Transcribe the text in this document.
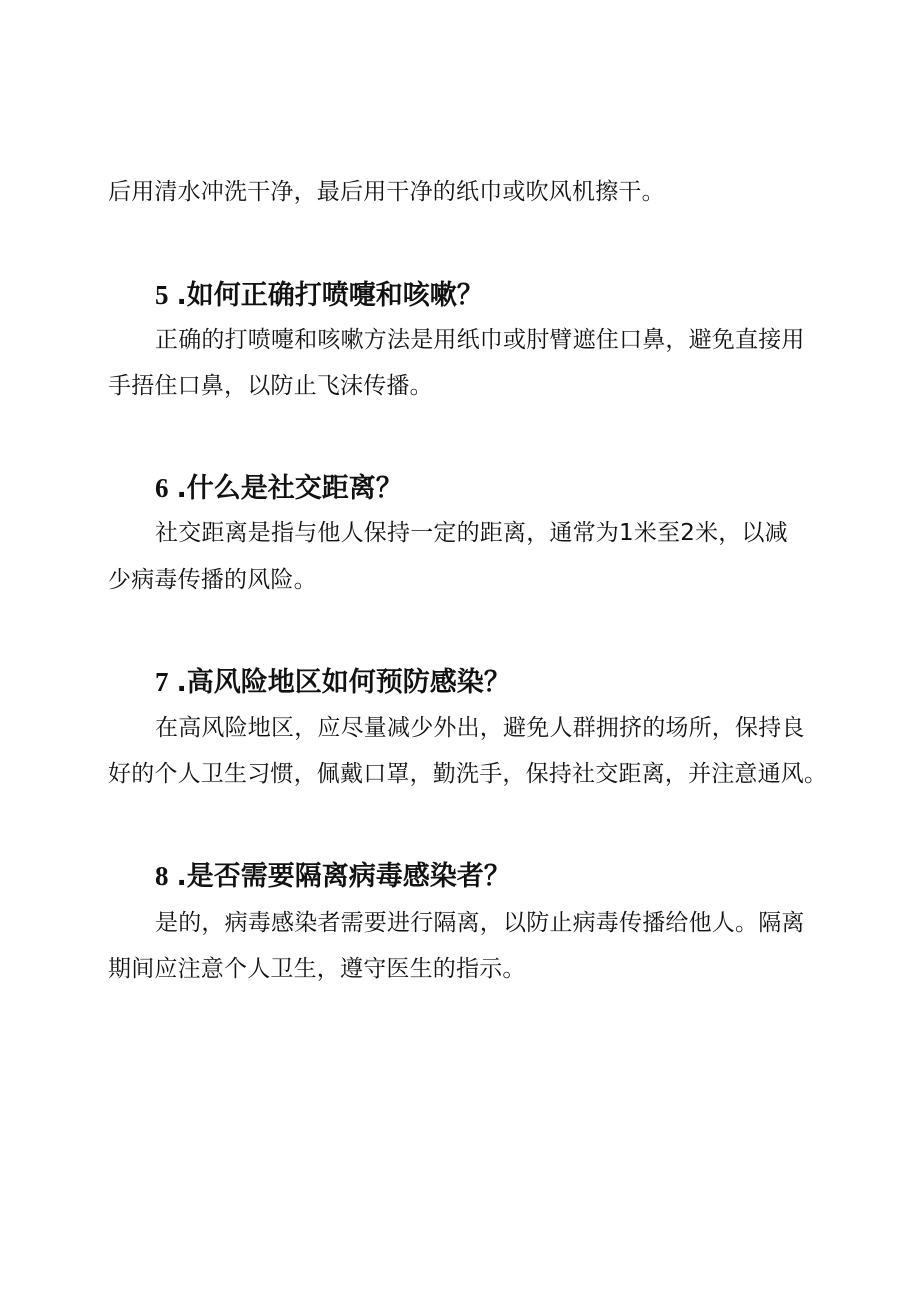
后用清水冲洗干净，最后用干净的纸巾或吹风机擦干。

5 .如何正确打喷嚏和咳嗽？

正确的打喷嚏和咳嗽方法是用纸巾或肘臂遮住口鼻，避免直接用

手捂住口鼻，以防止飞沫传播。

6 .什么是社交距离？

社交距离是指与他人保持一定的距离，通常为1米至2米，以减

少病毒传播的风险。

7 .高风险地区如何预防感染？

在高风险地区，应尽量减少外出，避免人群拥挤的场所，保持良

好的个人卫生习惯，佩戴口罩，勤洗手，保持社交距离，并注意通风。

8 .是否需要隔离病毒感染者？

是的，病毒感染者需要进行隔离，以防止病毒传播给他人。隔离

期间应注意个人卫生，遵守医生的指示。
